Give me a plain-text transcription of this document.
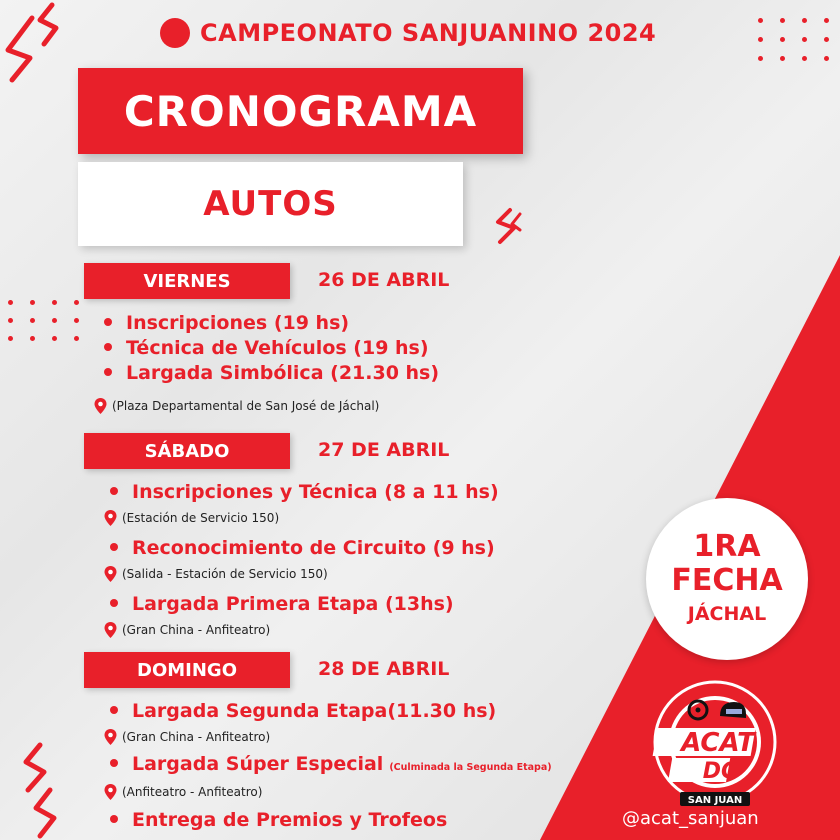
CAMPEONATO SANJUANINO 2024
CRONOGRAMA
AUTOS
VIERNES	26 DE ABRIL
Inscripciones (19 hs)
Técnica de Vehículos (19 hs)
Largada Simbólica (21.30 hs)
(Plaza Departamental de San José de Jáchal)
SÁBADO	27 DE ABRIL
Inscripciones y Técnica (8 a 11 hs)
(Estación de Servicio 150)
Reconocimiento de Circuito (9 hs)
(Salida - Estación de Servicio 150)
Largada Primera Etapa (13hs)
(Gran China - Anfiteatro)
DOMINGO	28 DE ABRIL
Largada Segunda Etapa(11.30 hs)
(Gran China - Anfiteatro)
Largada Súper Especial (Culminada la Segunda Etapa)
(Anfiteatro - Anfiteatro)
Entrega de Premios y Trofeos
1RA
FECHA
JÁCHAL
ACAT
DC
SAN JUAN
@acat_sanjuan
